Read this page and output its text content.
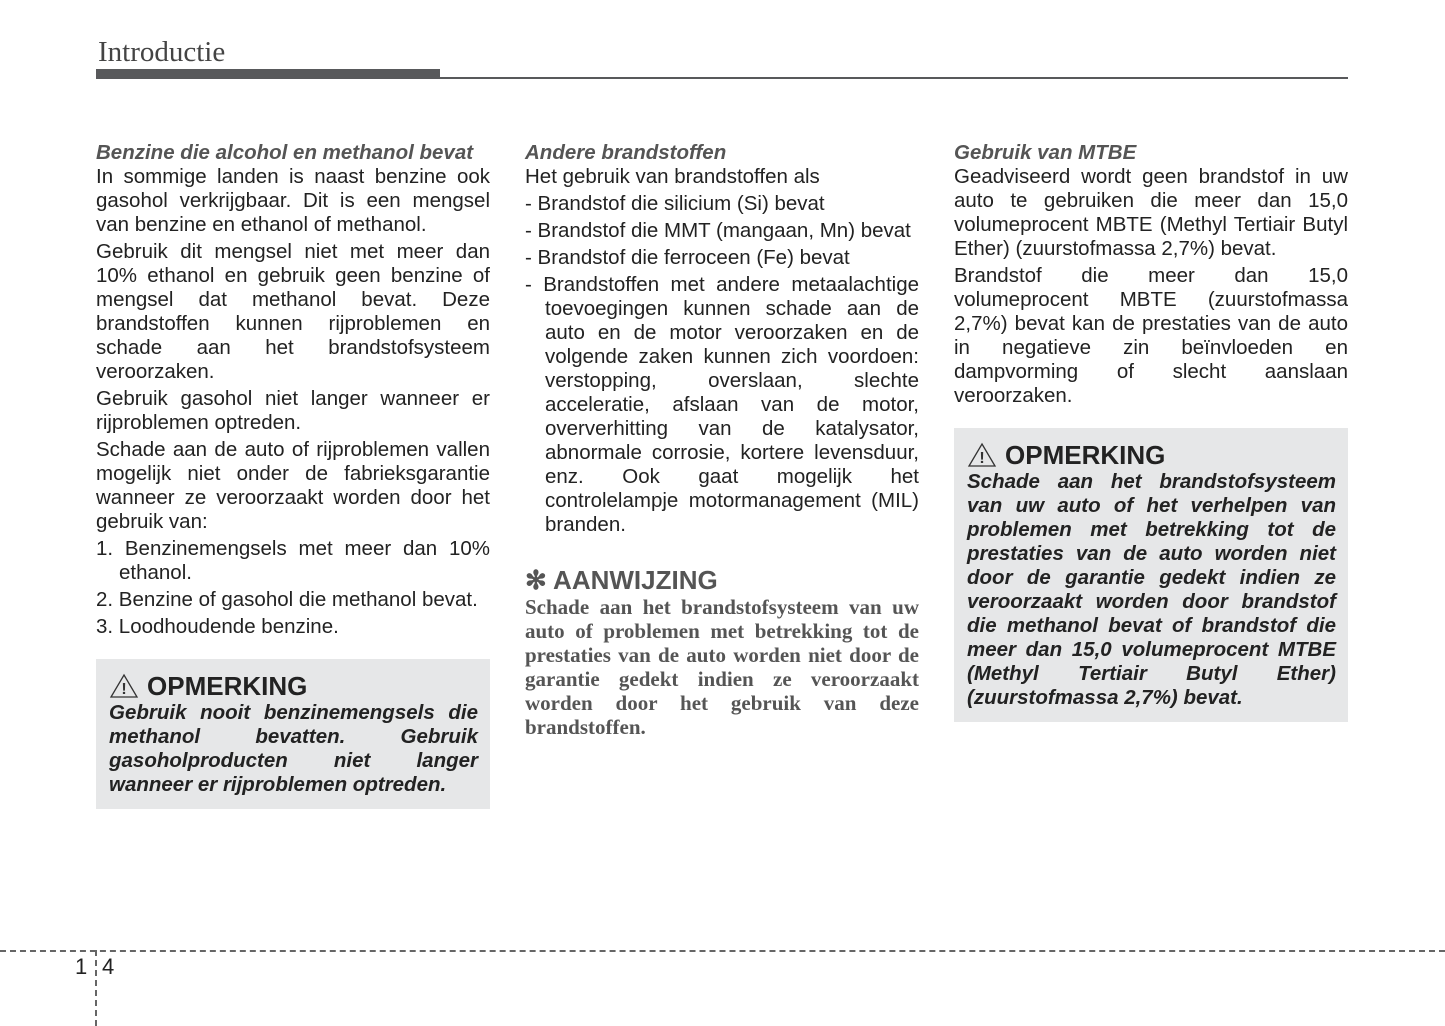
Introductie
Benzine die alcohol en methanol bevat

In sommige landen is naast benzine ook gasohol verkrijgbaar. Dit is een mengsel van benzine en ethanol of methanol.

Gebruik dit mengsel niet met meer dan 10% ethanol en gebruik geen benzine of mengsel dat methanol bevat. Deze brandstoffen kunnen rijproblemen en schade aan het brandstofsysteem veroorzaken.

Gebruik gasohol niet langer wanneer er rijproblemen optreden.

Schade aan de auto of rijproblemen vallen mogelijk niet onder de fabrieksgarantie wanneer ze veroorzaakt worden door het gebruik van:

1. Benzinemengsels met meer dan 10% ethanol.
2. Benzine of gasohol die methanol bevat.
3. Loodhoudende benzine.
! OPMERKING
Gebruik nooit benzinemengsels die methanol bevatten. Gebruik gasoholproducten niet langer wanneer er rijproblemen optreden.
Andere brandstoffen

Het gebruik van brandstoffen als

- Brandstof die silicium (Si) bevat
- Brandstof die MMT (mangaan, Mn) bevat
- Brandstof die ferroceen (Fe) bevat
- Brandstoffen met andere metaalachtige toevoegingen kunnen schade aan de auto en de motor veroorzaken en de volgende zaken kunnen zich voordoen: verstopping, overslaan, slechte acceleratie, afslaan van de motor, oververhitting van de katalysator, abnormale corrosie, kortere levensduur, enz. Ook gaat mogelijk het controlelampje motormanagement (MIL) branden.
✻ AANWIJZING
Schade aan het brandstofsysteem van uw auto of problemen met betrekking tot de prestaties van de auto worden niet door de garantie gedekt indien ze veroorzaakt worden door het gebruik van deze brandstoffen.
Gebruik van MTBE

Geadviseerd wordt geen brandstof in uw auto te gebruiken die meer dan 15,0 volumeprocent MBTE (Methyl Tertiair Butyl Ether) (zuurstofmassa 2,7%) bevat.

Brandstof die meer dan 15,0 volumeprocent MBTE (zuurstofmassa 2,7%) bevat kan de prestaties van de auto in negatieve zin beïnvloeden en dampvorming of slecht aanslaan veroorzaken.

! OPMERKING
Schade aan het brandstofsysteem van uw auto of het verhelpen van problemen met betrekking tot de prestaties van de auto worden niet door de garantie gedekt indien ze veroorzaakt worden door brandstof die methanol bevat of brandstof die meer dan 15,0 volumeprocent MTBE (Methyl Tertiair Butyl Ether) (zuurstofmassa 2,7%) bevat.
1 4
